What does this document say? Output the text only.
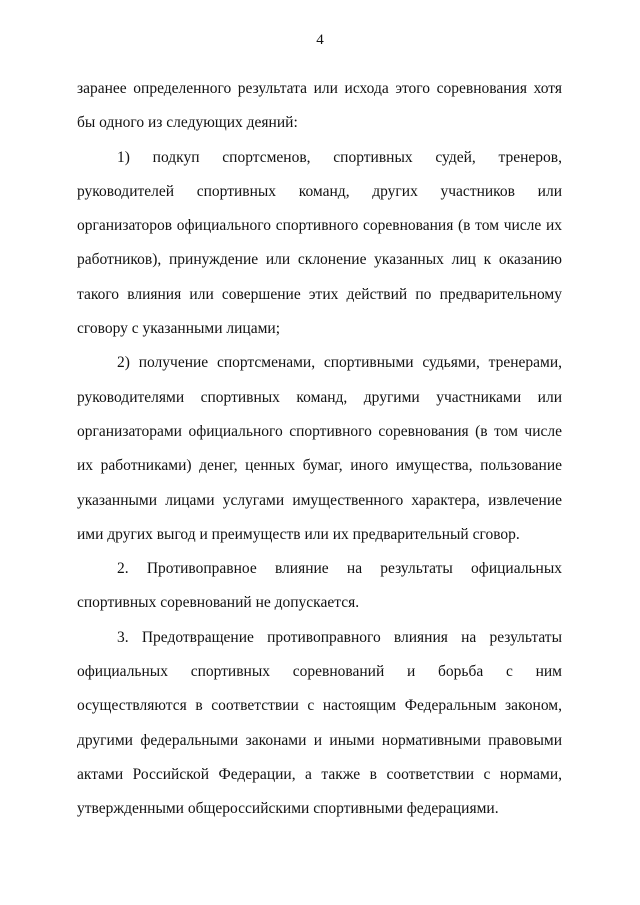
4

заранее определенного результата или исхода этого соревнования хотя бы одного из следующих деяний:

1) подкуп спортсменов, спортивных судей, тренеров, руководителей спортивных команд, других участников или организаторов официального спортивного соревнования (в том числе их работников), принуждение или склонение указанных лиц к оказанию такого влияния или совершение этих действий по предварительному сговору с указанными лицами;

2) получение спортсменами, спортивными судьями, тренерами, руководителями спортивных команд, другими участниками или организаторами официального спортивного соревнования (в том числе их работниками) денег, ценных бумаг, иного имущества, пользование указанными лицами услугами имущественного характера, извлечение ими других выгод и преимуществ или их предварительный сговор.

2. Противоправное влияние на результаты официальных спортивных соревнований не допускается.

3. Предотвращение противоправного влияния на результаты официальных спортивных соревнований и борьба с ним осуществляются в соответствии с настоящим Федеральным законом, другими федеральными законами и иными нормативными правовыми актами Российской Федерации, а также в соответствии с нормами, утвержденными общероссийскими спортивными федерациями.
